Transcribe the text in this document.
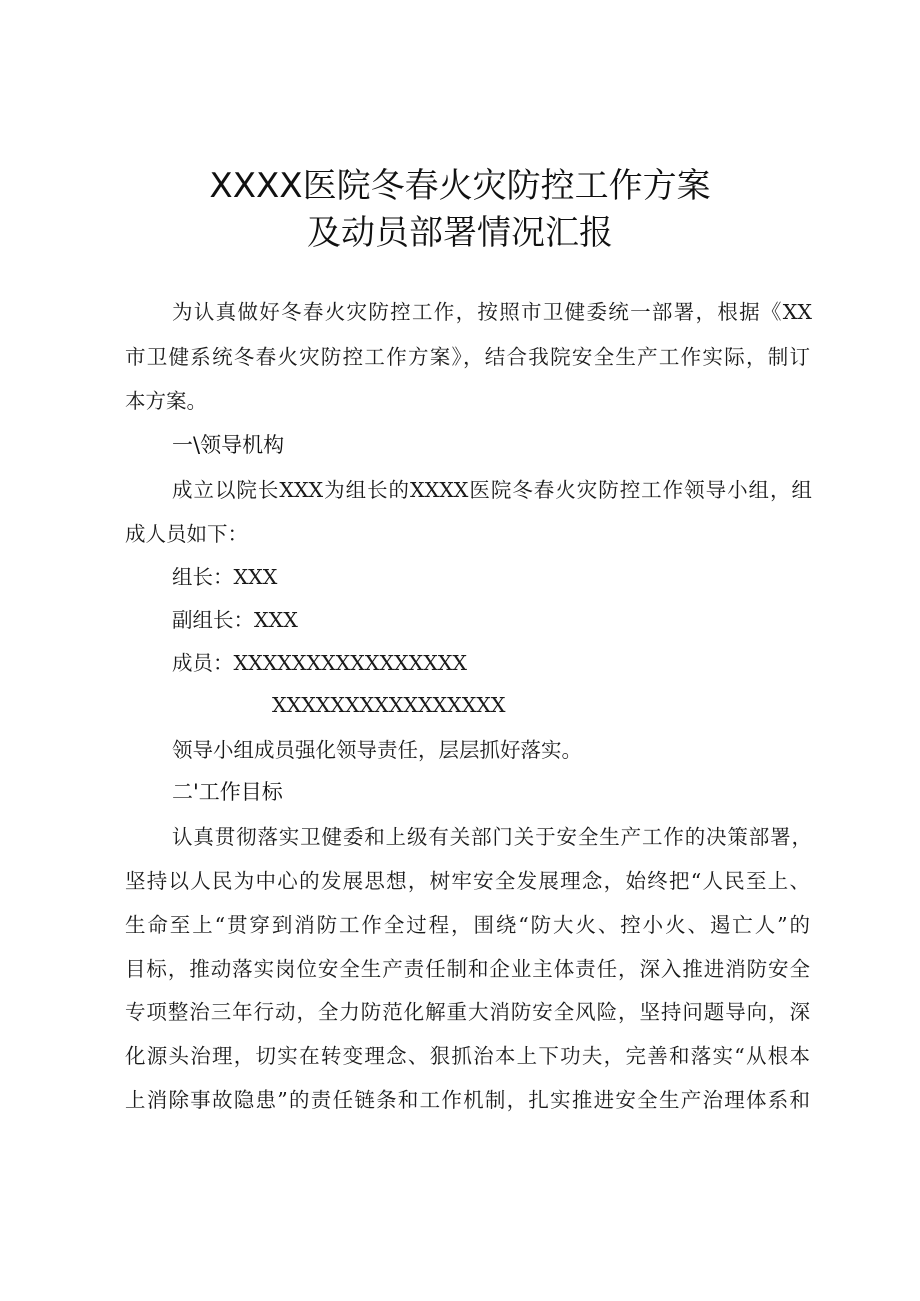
XXXX医院冬春火灾防控工作方案
及动员部署情况汇报
为认真做好冬春火灾防控工作，按照市卫健委统一部署，根据《XX
市卫健系统冬春火灾防控工作方案》，结合我院安全生产工作实际，制订
本方案。
一\领导机构
成立以院长XXX为组长的XXXX医院冬春火灾防控工作领导小组，组
成人员如下：
组长：XXX
副组长：XXX
成员：XXXXXXXXXXXXXXXX
XXXXXXXXXXXXXXXX
领导小组成员强化领导责任，层层抓好落实。
二'工作目标
认真贯彻落实卫健委和上级有关部门关于安全生产工作的决策部署，
坚持以人民为中心的发展思想，树牢安全发展理念，始终把“人民至上、
生命至上“贯穿到消防工作全过程，围绕“防大火、控小火、遏亡人”的
目标，推动落实岗位安全生产责任制和企业主体责任，深入推进消防安全
专项整治三年行动，全力防范化解重大消防安全风险，坚持问题导向，深
化源头治理，切实在转变理念、狠抓治本上下功夫，完善和落实“从根本
上消除事故隐患”的责任链条和工作机制，扎实推进安全生产治理体系和
